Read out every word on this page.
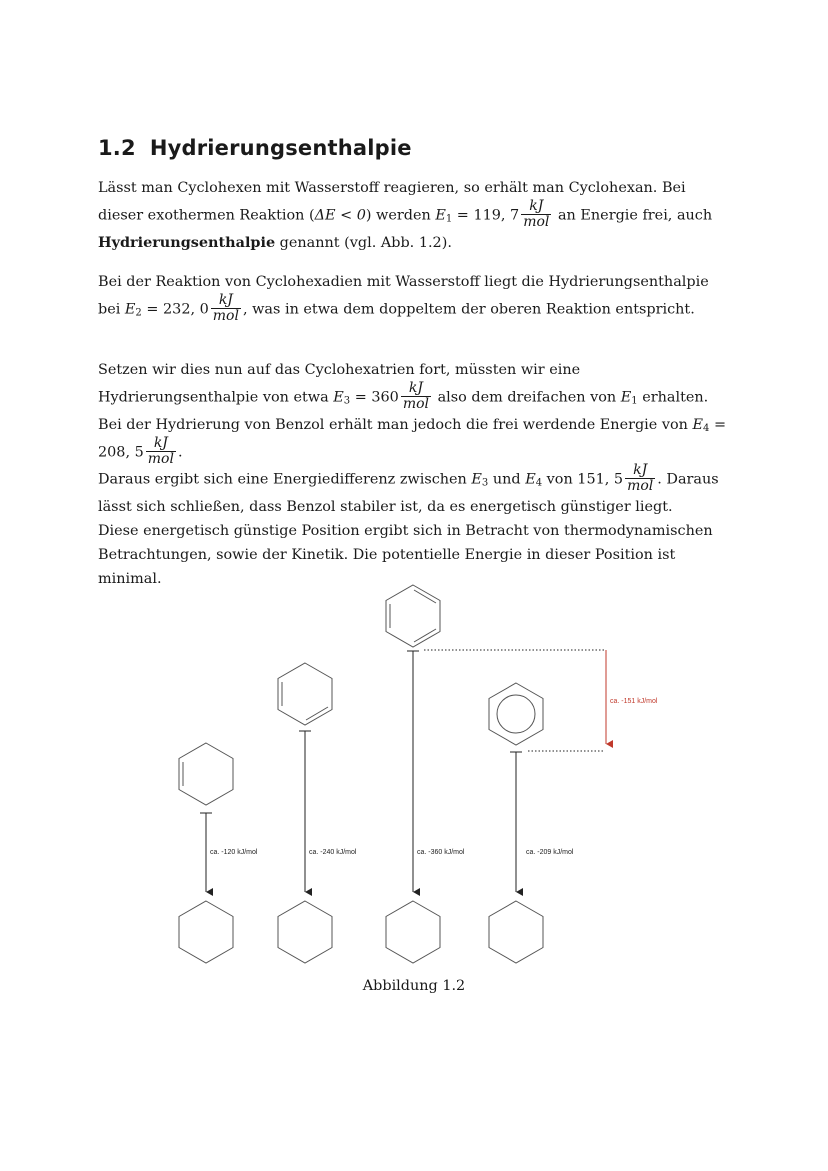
1.2 Hydrierungsenthalpie

Lässt man Cyclohexen mit Wasserstoff reagieren, so erhält man Cyclohexan. Bei dieser exothermen Reaktion (ΔE < 0) werden $E_1 = 119$, $7 \frac{kJ}{\text{mol}}$ an Energie frei, auch Hydrierungsenthalpie genannt (vgl. Abb. 1.2).

Bei der Reaktion von Cyclohexadien mit Wasserstoff liegt die Hydrierungsenthalpie bei $E_2 = 232$, $0 \frac{kJ}{\text{mol}}$ , was in etwa dem doppeltem der oberen Reaktion entspricht.

Setzen wir dies nun auf das Cyclohexatrien fort, müssten wir eine Hydrierungsenthalpie von etwa $E_3 = 360 \frac{kJ}{\text{mol}}$ also dem dreifachen von $E_1$ erhalten. Bei der Hydrierung von Benzol erhält man jedoch die frei werdende Energie von $E_4 = 208$, $5 \frac{kJ}{\text{mol}}$ .

Daraus ergibt sich eine Energiedifferenz zwischen $E_3$ und $E_4$ von 151, $5 \frac{kJ}{\text{mol}}$ . Daraus lässt sich schließen, dass Benzol stabiler ist, da es energetisch günstiger liegt.
Diese energetisch günstige Position ergibt sich in Betracht von thermodynamischen Betrachtungen, sowie der Kinetik. Die potentielle Energie in dieser Position ist minimal.

ca. -120 kJ/mol	ca. -240 kJ/mol	ca. -360 kJ/mol	ca. -209 kJ/mol
ca. -151 kJ/mol

Abbildung 1.2
